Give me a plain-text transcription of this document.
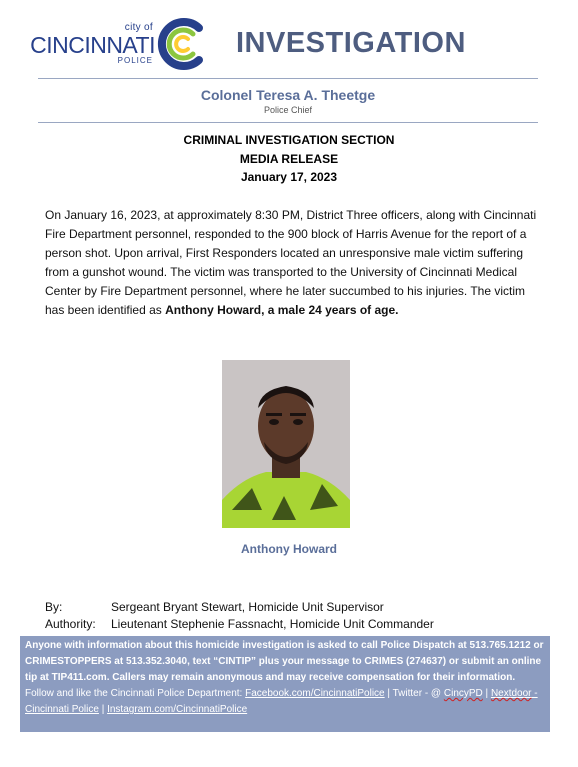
city of
CINCINNATI
POLICE
INVESTIGATION
Colonel Teresa A. Theetge
Police Chief
CRIMINAL INVESTIGATION SECTION
MEDIA RELEASE
January 17, 2023

On January 16, 2023, at approximately 8:30 PM, District Three officers, along with Cincinnati Fire Department personnel, responded to the 900 block of Harris Avenue for the report of a person shot. Upon arrival, First Responders located an unresponsive male victim suffering from a gunshot wound. The victim was transported to the University of Cincinnati Medical Center by Fire Department personnel, where he later succumbed to his injuries. The victim has been identified as Anthony Howard, a male 24 years of age.

Anthony Howard
By:	Sergeant Bryant Stewart, Homicide Unit Supervisor
Authority:	Lieutenant Stephenie Fassnacht, Homicide Unit Commander
Anyone with information about this homicide investigation is asked to call Police Dispatch at 513.765.1212 or CRIMESTOPPERS at 513.352.3040, text “CINTIP” plus your message to CRIMES (274637) or submit an online tip at TIP411.com. Callers may remain anonymous and may receive compensation for their information.
Follow and like the Cincinnati Police Department: Facebook.com/CincinnatiPolice | Twitter - @ CincyPD | Nextdoor - Cincinnati Police | Instagram.com/CincinnatiPolice
